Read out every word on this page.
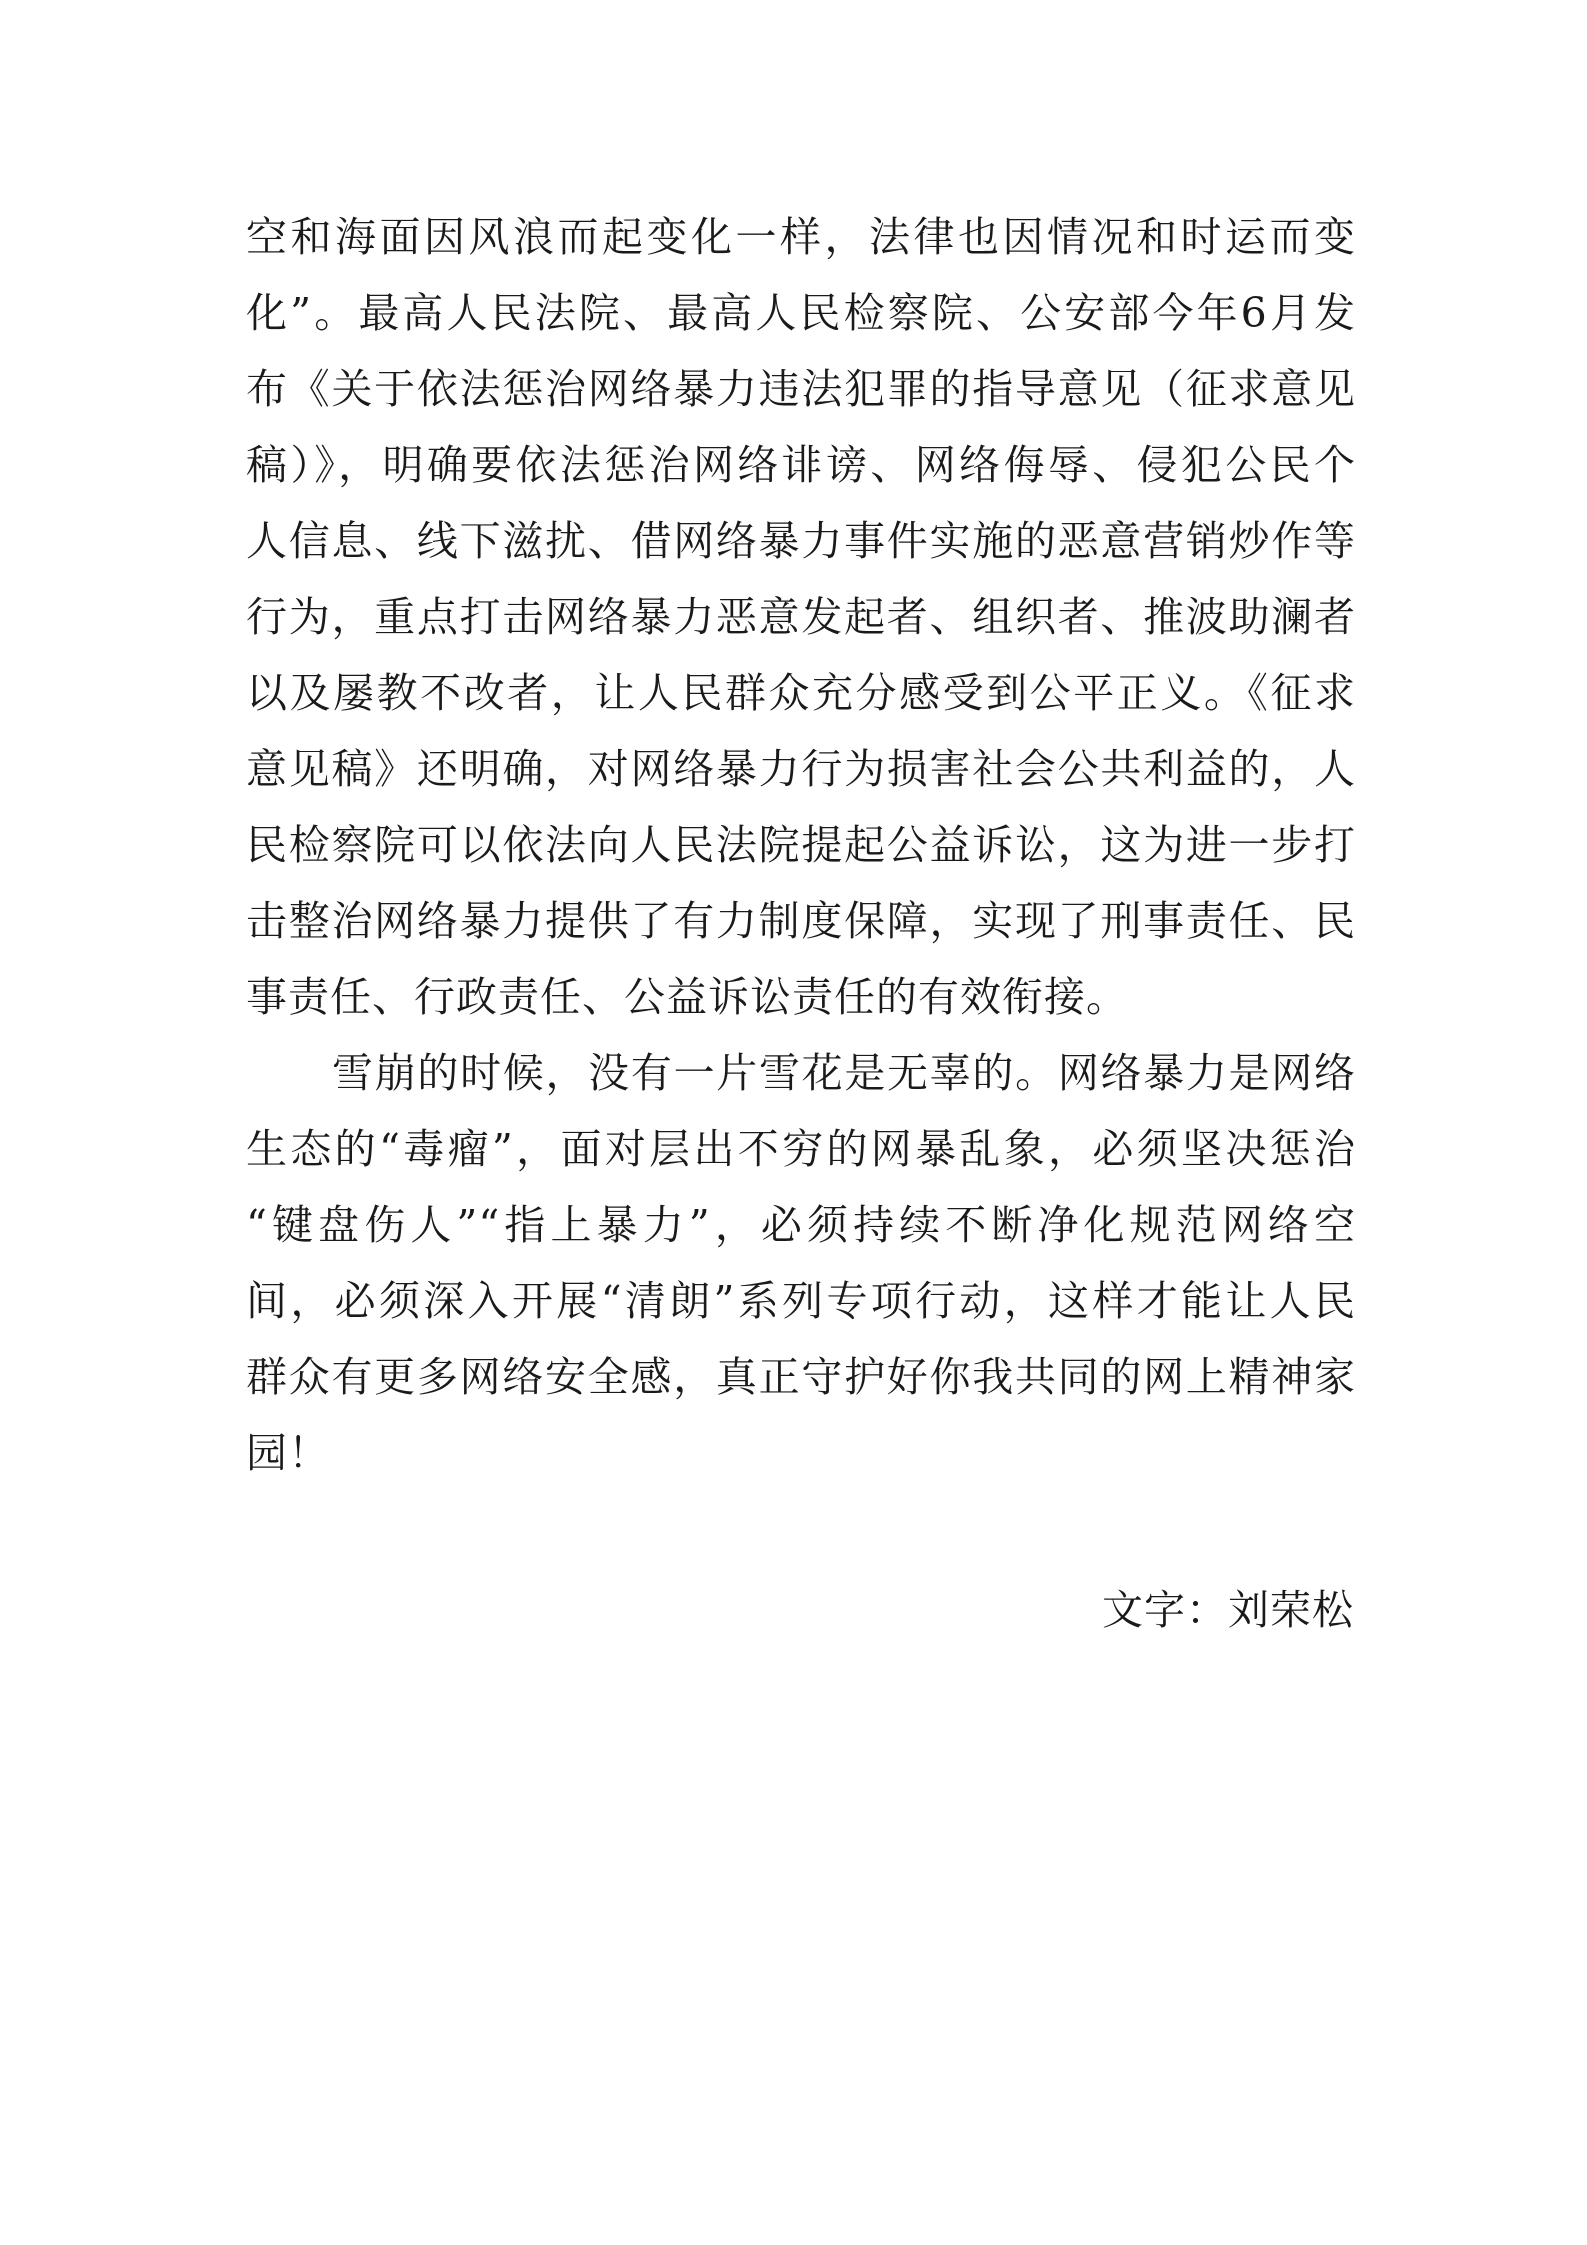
空和海面因风浪而起变化一样，法律也因情况和时运而变
化”。最高人民法院、最高人民检察院、公安部今年6月发
布《关于依法惩治网络暴力违法犯罪的指导意见（征求意见
稿）》，明确要依法惩治网络诽谤、网络侮辱、侵犯公民个
人信息、线下滋扰、借网络暴力事件实施的恶意营销炒作等
行为，重点打击网络暴力恶意发起者、组织者、推波助澜者
以及屡教不改者，让人民群众充分感受到公平正义。《征求
意见稿》还明确，对网络暴力行为损害社会公共利益的，人
民检察院可以依法向人民法院提起公益诉讼，这为进一步打
击整治网络暴力提供了有力制度保障，实现了刑事责任、民
事责任、行政责任、公益诉讼责任的有效衔接。
雪崩的时候，没有一片雪花是无辜的。网络暴力是网络
生态的“毒瘤”，面对层出不穷的网暴乱象，必须坚决惩治
“键盘伤人”“指上暴力”，必须持续不断净化规范网络空
间，必须深入开展“清朗”系列专项行动，这样才能让人民
群众有更多网络安全感，真正守护好你我共同的网上精神家
园！
文字：刘荣松
